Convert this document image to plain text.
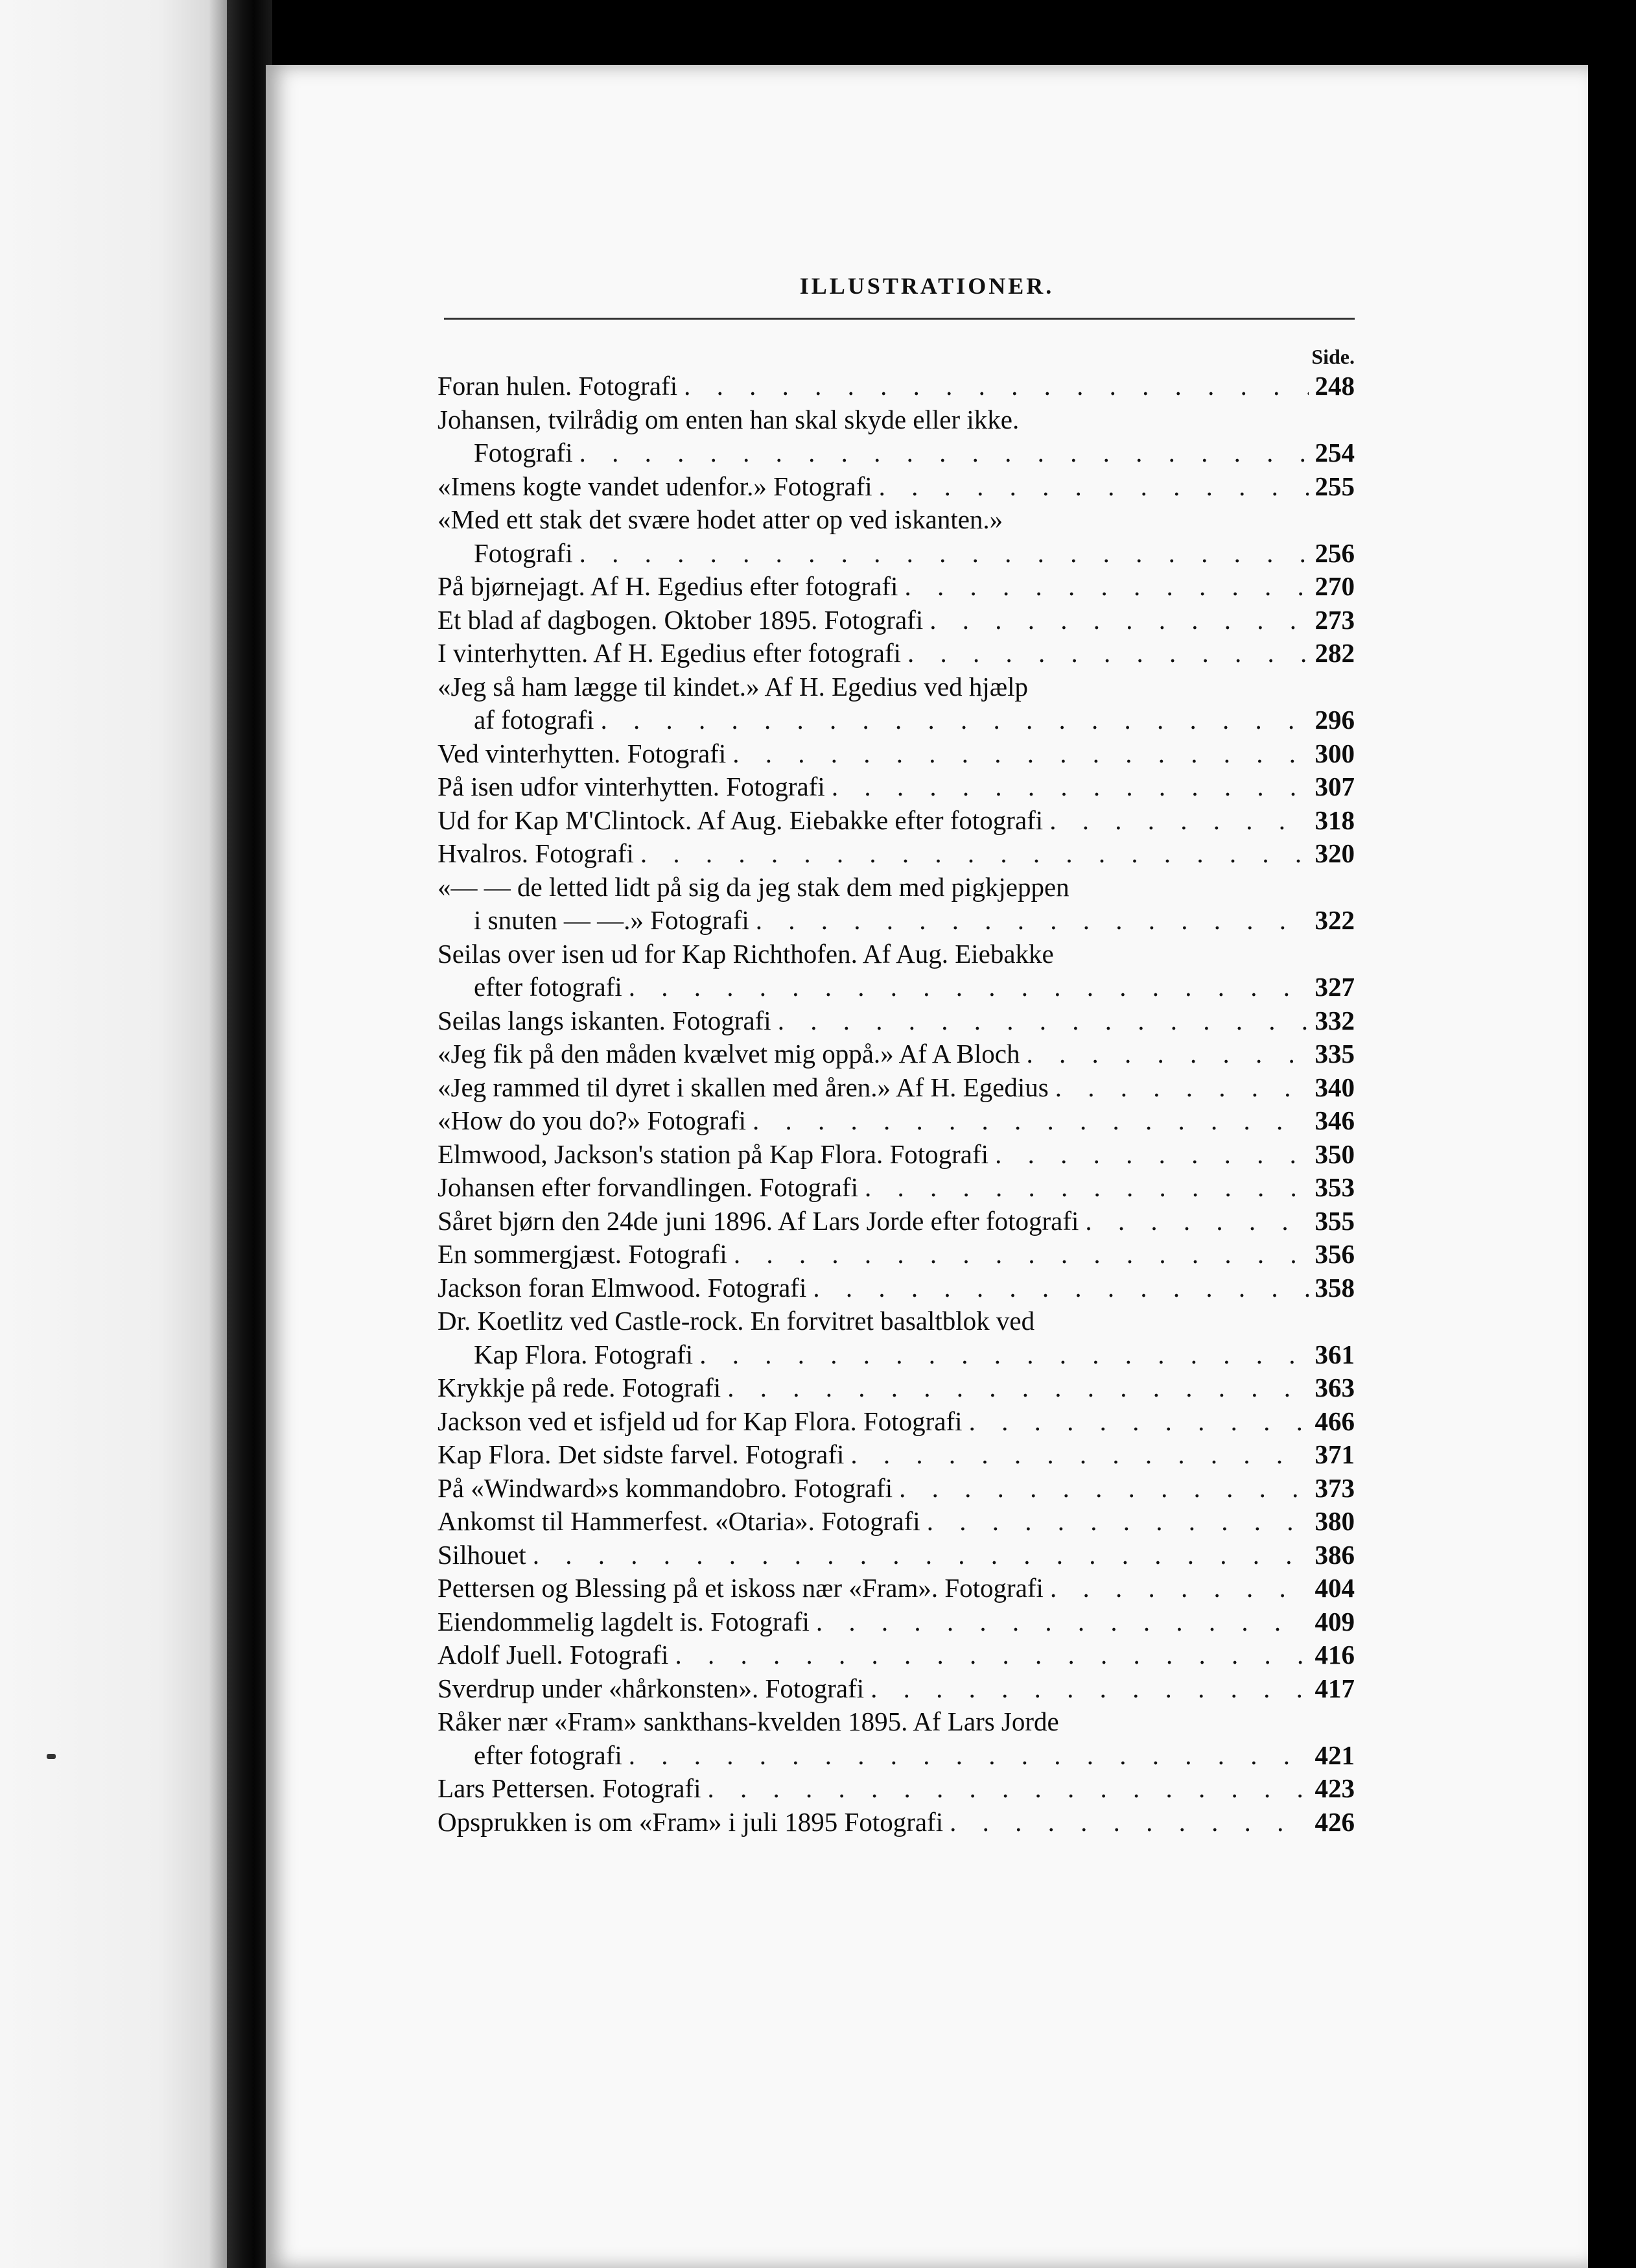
ILLUSTRATIONER.
Side.
Foran hulen. Fotografi . . .	248
Johansen, tvilrådig om enten han skal skyde eller ikke.
Fotografi . . .	254
«Imens kogte vandet udenfor.» Fotografi . . .	255
«Med ett stak det svære hodet atter op ved iskanten.»
Fotografi . . .	256
På bjørnejagt. Af H. Egedius efter fotografi . . .	270
Et blad af dagbogen. Oktober 1895. Fotografi . . .	273
I vinterhytten. Af H. Egedius efter fotografi . . .	282
«Jeg så ham lægge til kindet.» Af H. Egedius ved hjælp
af fotografi . . .	296
Ved vinterhytten. Fotografi . . .	300
På isen udfor vinterhytten. Fotografi . . .	307
Ud for Kap M'Clintock. Af Aug. Eiebakke efter fotografi . . .	318
Hvalros. Fotografi . . .	320
«— — de letted lidt på sig da jeg stak dem med pigkjeppen
i snuten — —.» Fotografi . . .	322
Seilas over isen ud for Kap Richthofen. Af Aug. Eiebakke
efter fotografi . . .	327
Seilas langs iskanten. Fotografi . . .	332
«Jeg fik på den måden kvælvet mig oppå.» Af A Bloch . . .	335
«Jeg rammed til dyret i skallen med åren.» Af H. Egedius . . .	340
«How do you do?» Fotografi . . .	346
Elmwood, Jackson's station på Kap Flora. Fotografi . . .	350
Johansen efter forvandlingen. Fotografi . . .	353
Såret bjørn den 24de juni 1896. Af Lars Jorde efter fotografi . . .	355
En sommergjæst. Fotografi . . .	356
Jackson foran Elmwood. Fotografi . . .	358
Dr. Koetlitz ved Castle-rock. En forvitret basaltblok ved
Kap Flora. Fotografi . . .	361
Krykkje på rede. Fotografi . . .	363
Jackson ved et isfjeld ud for Kap Flora. Fotografi . . .	466
Kap Flora. Det sidste farvel. Fotografi . . .	371
På «Windward»s kommandobro. Fotografi . . .	373
Ankomst til Hammerfest. «Otaria». Fotografi . . .	380
Silhouet . . .	386
Pettersen og Blessing på et iskoss nær «Fram». Fotografi . . .	404
Eiendommelig lagdelt is. Fotografi . . .	409
Adolf Juell. Fotografi . . .	416
Sverdrup under «hårkonsten». Fotografi . . .	417
Råker nær «Fram» sankthans-kvelden 1895. Af Lars Jorde
efter fotografi . . .	421
Lars Pettersen. Fotografi . . .	423
Opsprukken is om «Fram» i juli 1895 Fotografi . . .	426
